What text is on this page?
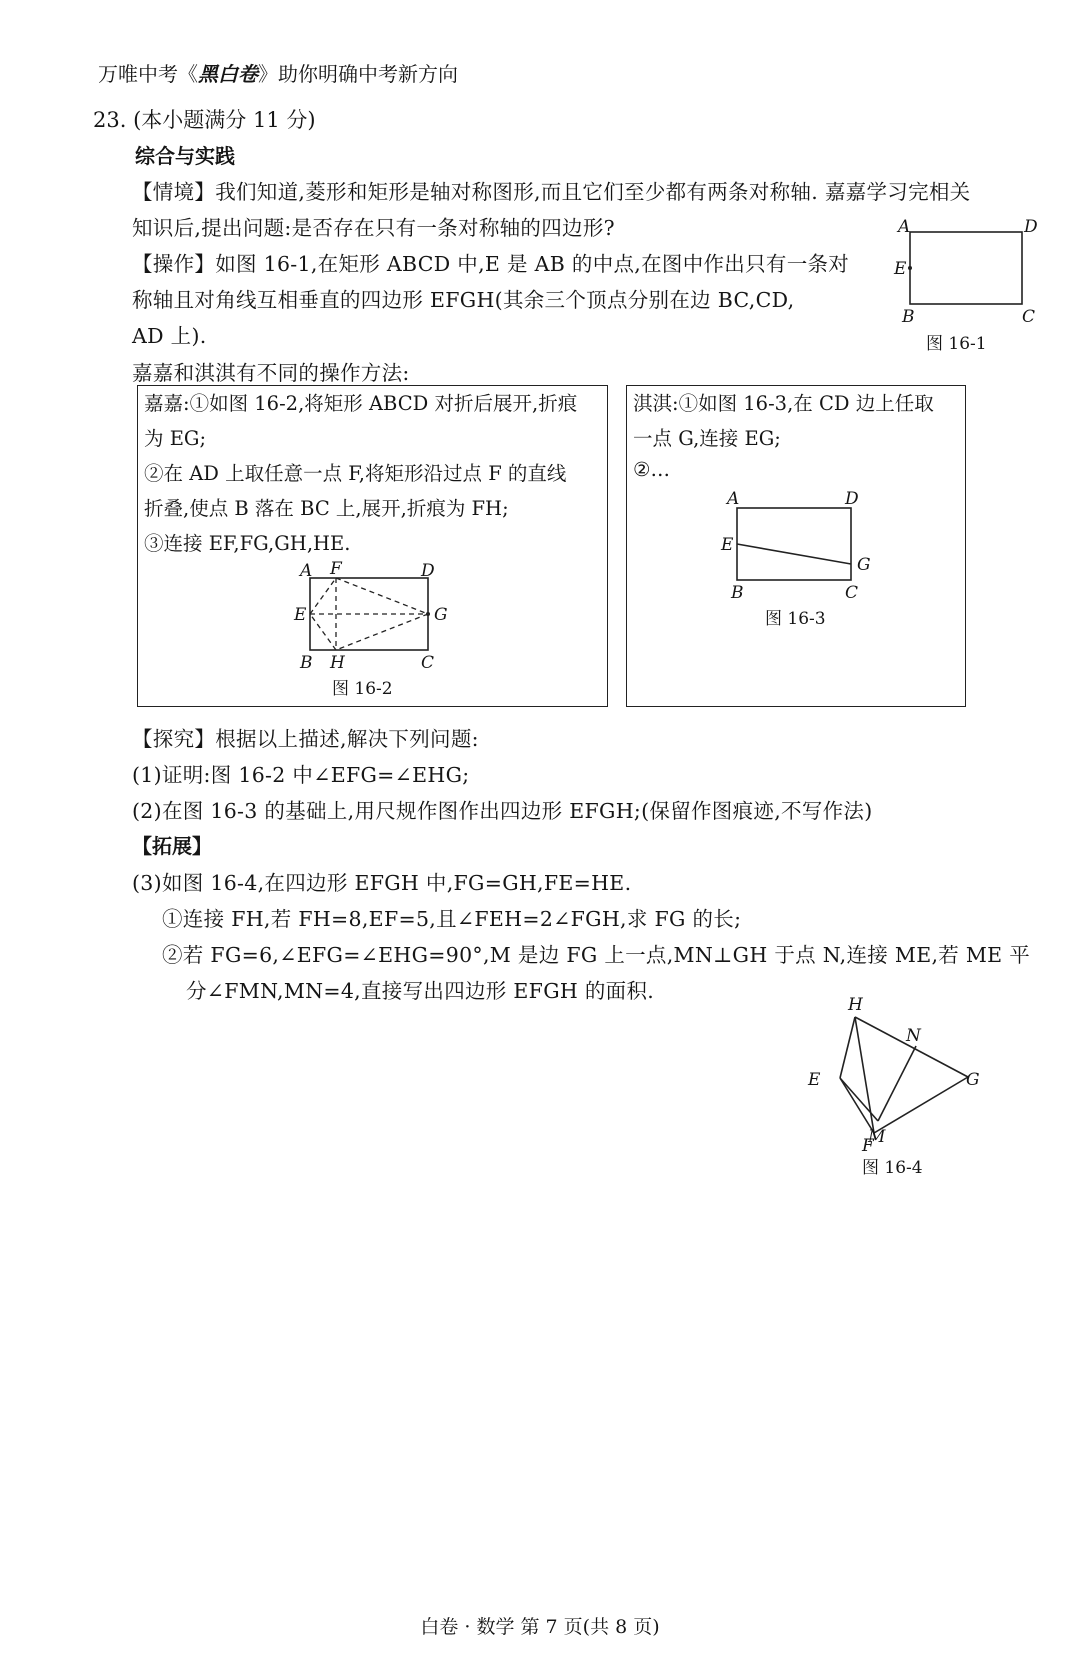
万唯中考《黑白卷》助你明确中考新方向
23. (本小题满分 11 分)
综合与实践
【情境】我们知道,菱形和矩形是轴对称图形,而且它们至少都有两条对称轴. 嘉嘉学习完相关
知识后,提出问题:是否存在只有一条对称轴的四边形?
【操作】如图 16-1,在矩形 ABCD 中,E 是 AB 的中点,在图中作出只有一条对
称轴且对角线互相垂直的四边形 EFGH(其余三个顶点分别在边 BC,CD,
AD 上).
嘉嘉和淇淇有不同的操作方法:
A	D
E
B	C
图 16-1
嘉嘉:①如图 16-2,将矩形 ABCD 对折后展开,折痕
为 EG;
②在 AD 上取任意一点 F,将矩形沿过点 F 的直线
折叠,使点 B 落在 BC 上,展开,折痕为 FH;
③连接 EF,FG,GH,HE.
A F	D
E	G
B H	C
图 16-2
淇淇:①如图 16-3,在 CD 边上任取
一点 G,连接 EG;
②…
A	D
E
G
B	C
图 16-3
【探究】根据以上描述,解决下列问题:
(1)证明:图 16-2 中∠EFG=∠EHG;
(2)在图 16-3 的基础上,用尺规作图作出四边形 EFGH;(保留作图痕迹,不写作法)
【拓展】
(3)如图 16-4,在四边形 EFGH 中,FG=GH,FE=HE.
①连接 FH,若 FH=8,EF=5,且∠FEH=2∠FGH,求 FG 的长;
②若 FG=6,∠EFG=∠EHG=90°,M 是边 FG 上一点,MN⊥GH 于点 N,连接 ME,若 ME 平
分∠FMN,MN=4,直接写出四边形 EFGH 的面积.
H
N
G
E
F
M
图 16-4
白卷 · 数学 第 7 页(共 8 页)
